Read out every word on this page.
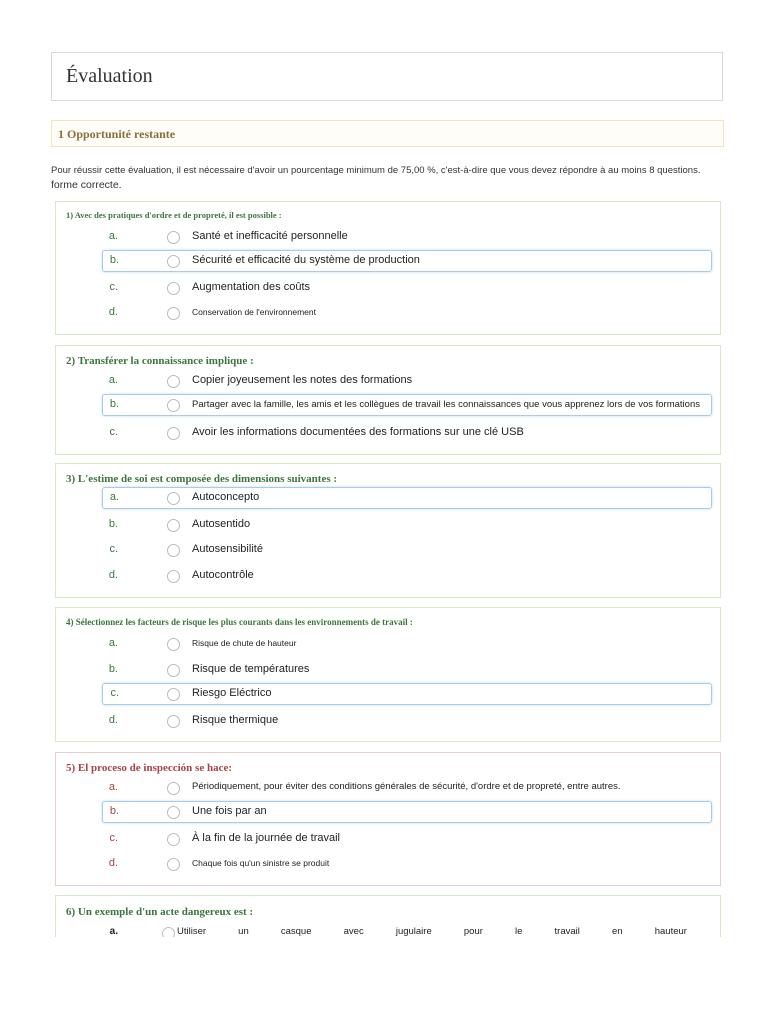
Évaluation
1 Opportunité restante
Pour réussir cette évaluation, il est nécessaire d'avoir un pourcentage minimum de 75,00 %, c'est-à-dire que vous devez répondre à au moins 8 questions.
forme correcte.
1) Avec des pratiques d'ordre et de propreté, il est possible :
a.	Santé et inefficacité personnelle
b.	Sécurité et efficacité du système de production
c.	Augmentation des coûts
d.	Conservation de l'environnement
2) Transférer la connaissance implique :
a.	Copier joyeusement les notes des formations
b.	Partager avec la famille, les amis et les collègues de travail les connaissances que vous apprenez lors de vos formations
c.	Avoir les informations documentées des formations sur une clé USB
3) L'estime de soi est composée des dimensions suivantes :
a.	Autoconcepto
b.	Autosentido
c.	Autosensibilité
d.	Autocontrôle
4) Sélectionnez les facteurs de risque les plus courants dans les environnements de travail :
a.	Risque de chute de hauteur
b.	Risque de températures
c.	Riesgo Eléctrico
d.	Risque thermique
5) El proceso de inspección se hace:
a.	Périodiquement, pour éviter des conditions générales de sécurité, d'ordre et de propreté, entre autres.
b.	Une fois par an
c.	À la fin de la journée de travail
d.	Chaque fois qu'un sinistre se produit
6) Un exemple d'un acte dangereux est :
a.	Utiliser	un	casque	avec	jugulaire	pour	le	travail	en	hauteur
